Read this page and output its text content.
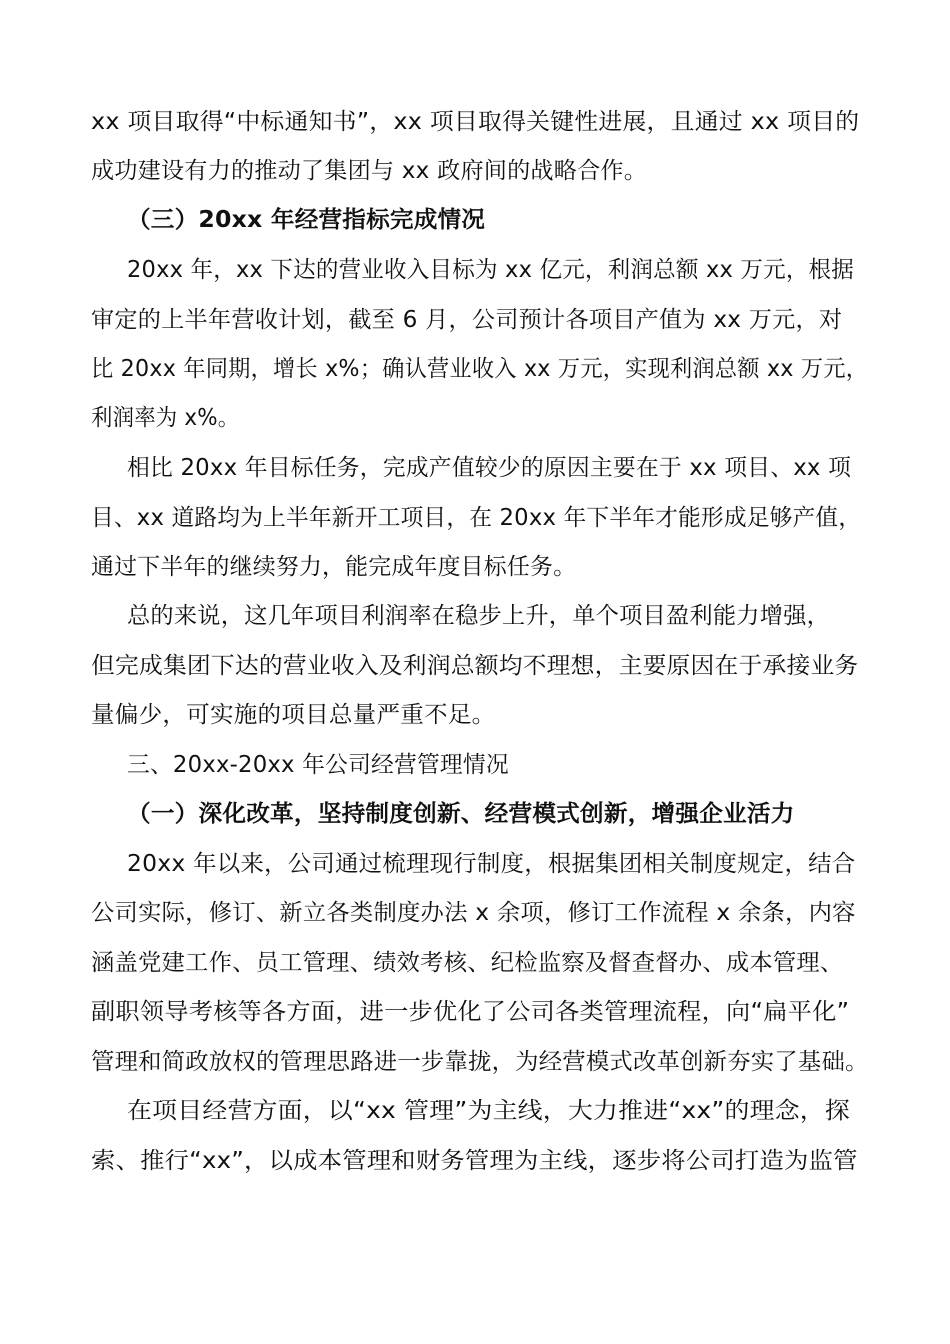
xx 项目取得“中标通知书”，xx 项目取得关键性进展，且通过 xx 项目的
成功建设有力的推动了集团与 xx 政府间的战略合作。
（三）20xx 年经营指标完成情况
20xx 年，xx 下达的营业收入目标为 xx 亿元，利润总额 xx 万元，根据
审定的上半年营收计划，截至 6 月，公司预计各项目产值为 xx 万元，对
比 20xx 年同期，增长 x%；确认营业收入 xx 万元，实现利润总额 xx 万元，
利润率为 x%。
相比 20xx 年目标任务，完成产值较少的原因主要在于 xx 项目、xx 项
目、xx 道路均为上半年新开工项目，在 20xx 年下半年才能形成足够产值，
通过下半年的继续努力，能完成年度目标任务。
总的来说，这几年项目利润率在稳步上升，单个项目盈利能力增强，
但完成集团下达的营业收入及利润总额均不理想，主要原因在于承接业务
量偏少，可实施的项目总量严重不足。
三、20xx-20xx 年公司经营管理情况
（一）深化改革，坚持制度创新、经营模式创新，增强企业活力
20xx 年以来，公司通过梳理现行制度，根据集团相关制度规定，结合
公司实际，修订、新立各类制度办法 x 余项，修订工作流程 x 余条，内容
涵盖党建工作、员工管理、绩效考核、纪检监察及督查督办、成本管理、
副职领导考核等各方面，进一步优化了公司各类管理流程，向“扁平化”
管理和简政放权的管理思路进一步靠拢，为经营模式改革创新夯实了基础。
在项目经营方面，以“xx 管理”为主线，大力推进“xx”的理念，探
索、推行“xx”，以成本管理和财务管理为主线，逐步将公司打造为监管
